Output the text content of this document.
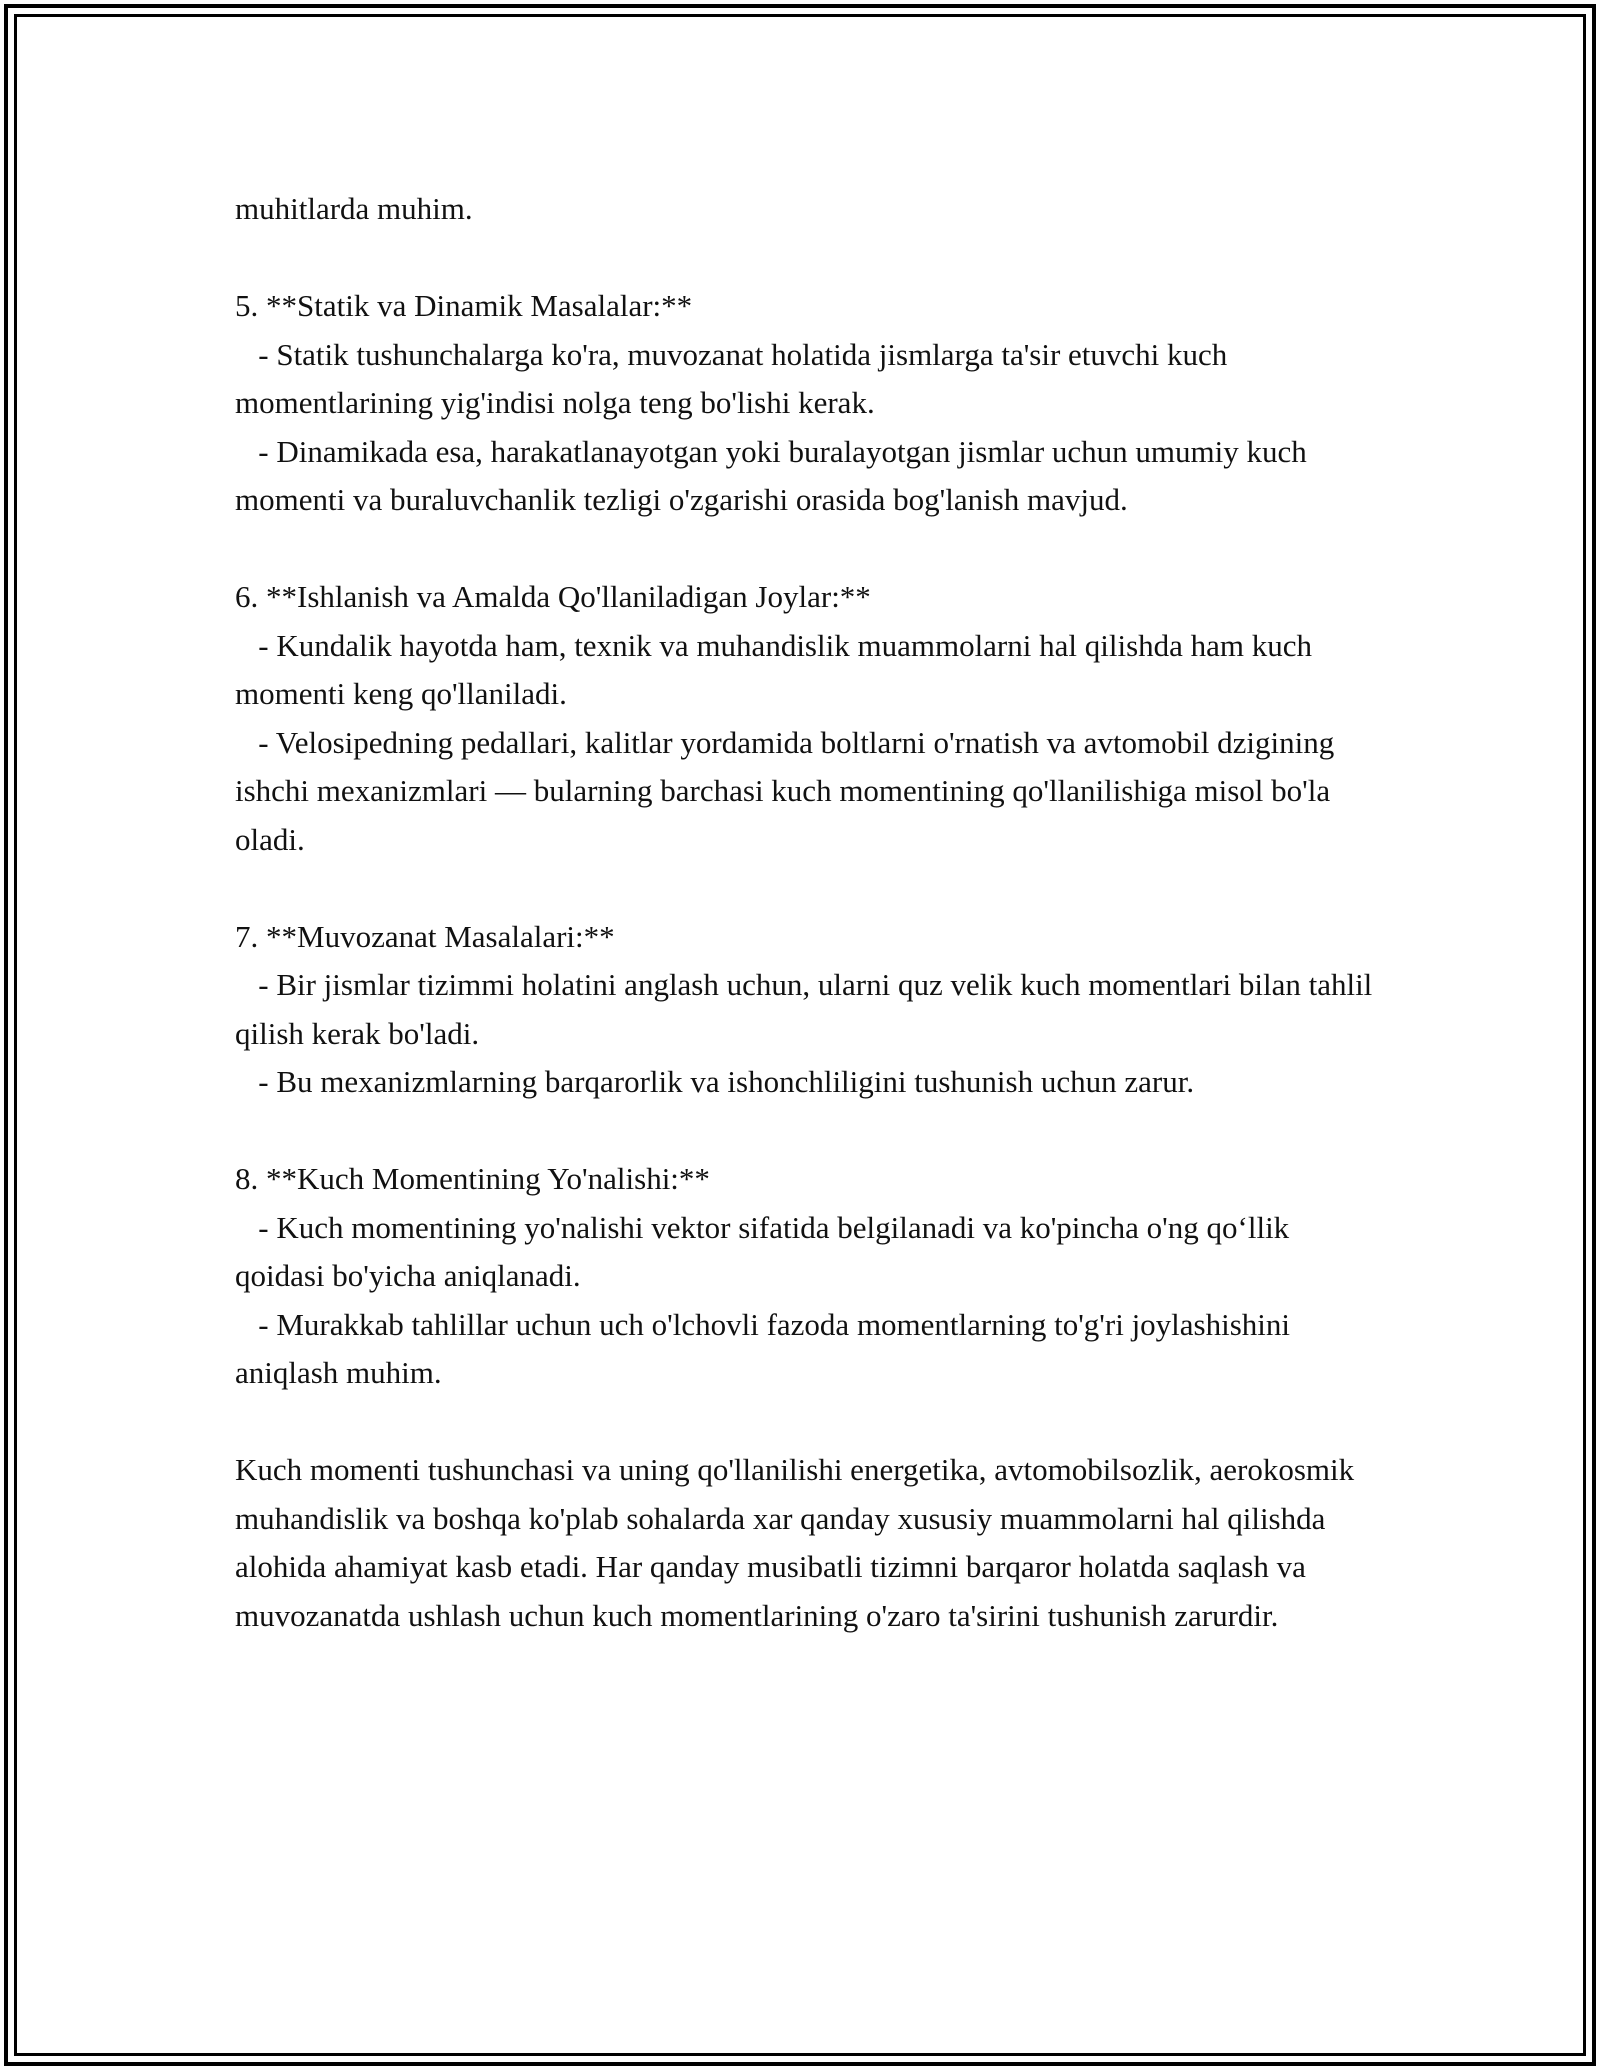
muhitlarda muhim.

5. **Statik va Dinamik Masalalar:**

- Statik tushunchalarga ko'ra, muvozanat holatida jismlarga ta'sir etuvchi kuch momentlarining yig'indisi nolga teng bo'lishi kerak.

- Dinamikada esa, harakatlanayotgan yoki buralayotgan jismlar uchun umumiy kuch momenti va buraluvchanlik tezligi o'zgarishi orasida bog'lanish mavjud.

6. **Ishlanish va Amalda Qo'llaniladigan Joylar:**

- Kundalik hayotda ham, texnik va muhandislik muammolarni hal qilishda ham kuch momenti keng qo'llaniladi.

- Velosipedning pedallari, kalitlar yordamida boltlarni o'rnatish va avtomobil dzigining ishchi mexanizmlari — bularning barchasi kuch momentining qo'llanilishiga misol bo'la oladi.

7. **Muvozanat Masalalari:**

- Bir jismlar tizimmi holatini anglash uchun, ularni quz velik kuch momentlari bilan tahlil qilish kerak bo'ladi.

- Bu mexanizmlarning barqarorlik va ishonchliligini tushunish uchun zarur.

8. **Kuch Momentining Yo'nalishi:**

- Kuch momentining yo'nalishi vektor sifatida belgilanadi va ko'pincha o'ng qo‘llik qoidasi bo'yicha aniqlanadi.

- Murakkab tahlillar uchun uch o'lchovli fazoda momentlarning to'g'ri joylashishini aniqlash muhim.

Kuch momenti tushunchasi va uning qo'llanilishi energetika, avtomobilsozlik, aerokosmik muhandislik va boshqa ko'plab sohalarda xar qanday xususiy muammolarni hal qilishda alohida ahamiyat kasb etadi. Har qanday musibatli tizimni barqaror holatda saqlash va muvozanatda ushlash uchun kuch momentlarining o'zaro ta'sirini tushunish zarurdir.
